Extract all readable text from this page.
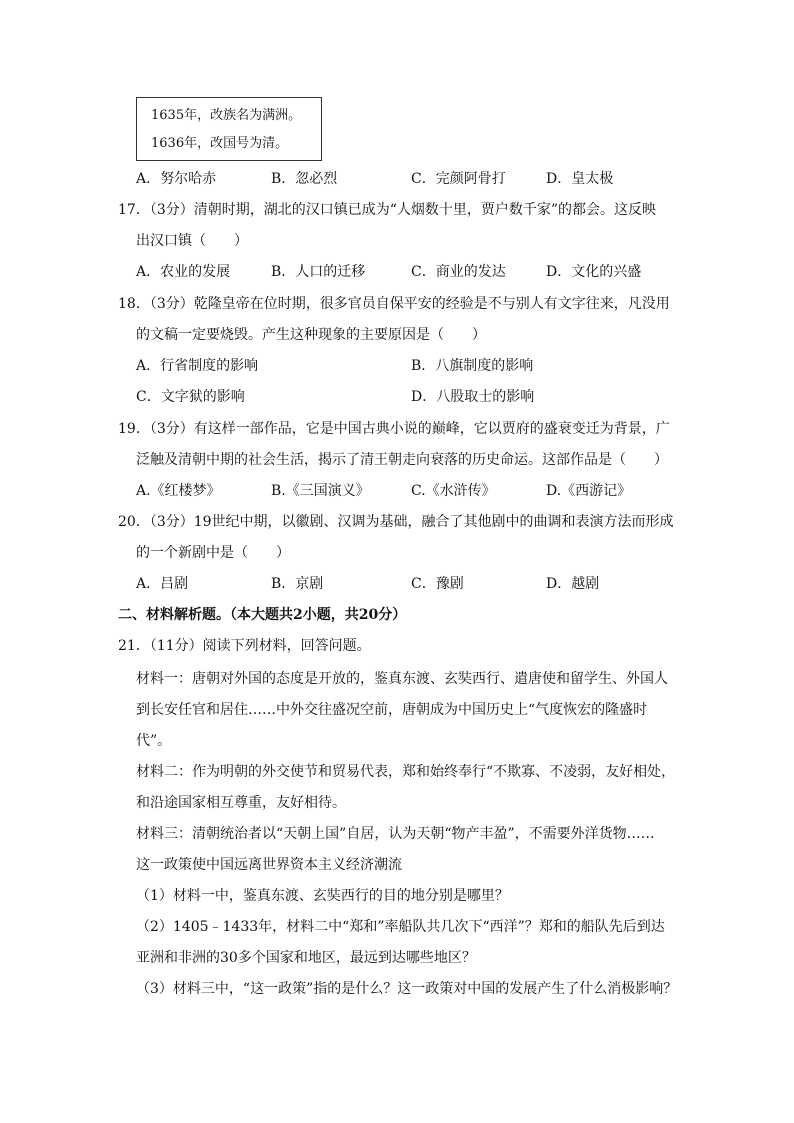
1635年，改族名为满洲。
1636年，改国号为清。
A．努尔哈赤	B．忽必烈	C．完颜阿骨打	D．皇太极
17．（3分）清朝时期，湖北的汉口镇已成为“人烟数十里，贾户数千家”的都会。这反映
出汉口镇（　　）
A．农业的发展	B．人口的迁移	C．商业的发达	D．文化的兴盛
18．（3分）乾隆皇帝在位时期，很多官员自保平安的经验是不与别人有文字往来，凡没用
的文稿一定要烧毁。产生这种现象的主要原因是（　　）
A．行省制度的影响	B．八旗制度的影响
C．文字狱的影响	D．八股取士的影响
19．（3分）有这样一部作品，它是中国古典小说的巅峰，它以贾府的盛衰变迁为背景，广
泛触及清朝中期的社会生活，揭示了清王朝走向衰落的历史命运。这部作品是（　　）
A.《红楼梦》	B.《三国演义》	C.《水浒传》	D.《西游记》
20．（3分）19世纪中期，以徽剧、汉调为基础，融合了其他剧中的曲调和表演方法而形成
的一个新剧中是（　　）
A．吕剧	B．京剧	C．豫剧	D．越剧
二、材料解析题。（本大题共2小题，共20分）
21．（11分）阅读下列材料，回答问题。
材料一：唐朝对外国的态度是开放的，鉴真东渡、玄奘西行、遣唐使和留学生、外国人
到长安任官和居住……中外交往盛况空前，唐朝成为中国历史上“气度恢宏的隆盛时
代”。
材料二：作为明朝的外交使节和贸易代表，郑和始终奉行“不欺寡、不凌弱，友好相处，
和沿途国家相互尊重，友好相待。
材料三：清朝统治者以“天朝上国”自居，认为天朝“物产丰盈”，不需要外洋货物……
这一政策使中国远离世界资本主义经济潮流
（1）材料一中，鉴真东渡、玄奘西行的目的地分别是哪里？
（2）1405﹣1433年，材料二中“郑和”率船队共几次下“西洋”？郑和的船队先后到达
亚洲和非洲的30多个国家和地区，最远到达哪些地区？
（3）材料三中，“这一政策”指的是什么？这一政策对中国的发展产生了什么消极影响？
